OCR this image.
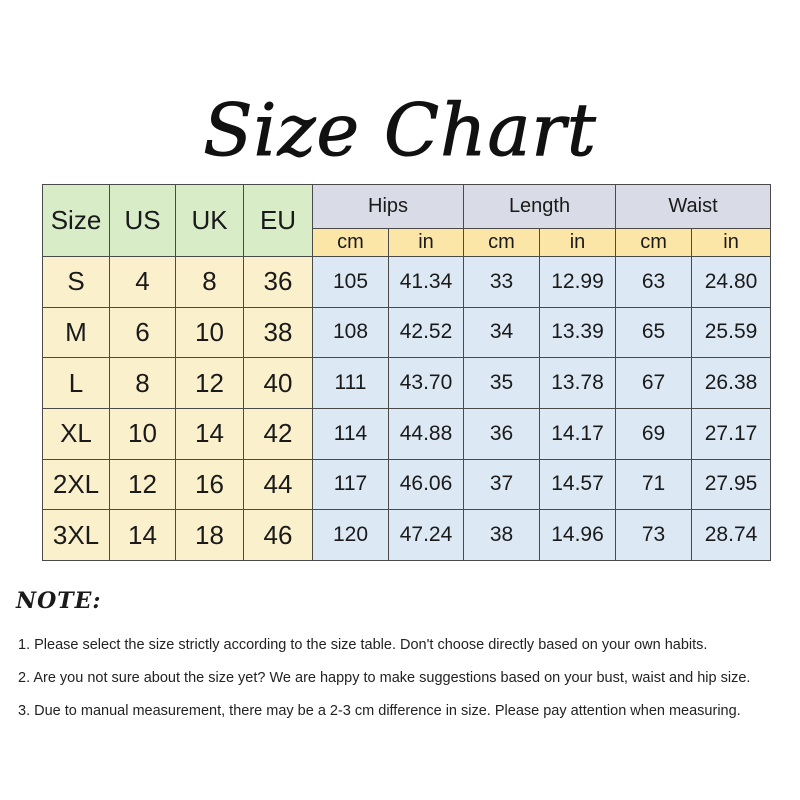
Size Chart
Size	US	UK	EU	Hips		Length		Waist	
				cm	in	cm	in	cm	in
S	4	8	36	105	41.34	33	12.99	63	24.80
M	6	10	38	108	42.52	34	13.39	65	25.59
L	8	12	40	111	43.70	35	13.78	67	26.38
XL	10	14	42	114	44.88	36	14.17	69	27.17
2XL	12	16	44	117	46.06	37	14.57	71	27.95
3XL	14	18	46	120	47.24	38	14.96	73	28.74
NOTE:
1. Please select the size strictly according to the size table. Don't choose directly based on your own habits.
2. Are you not sure about the size yet? We are happy to make suggestions based on your bust, waist and hip size.
3. Due to manual measurement, there may be a 2-3 cm difference in size. Please pay attention when measuring.
